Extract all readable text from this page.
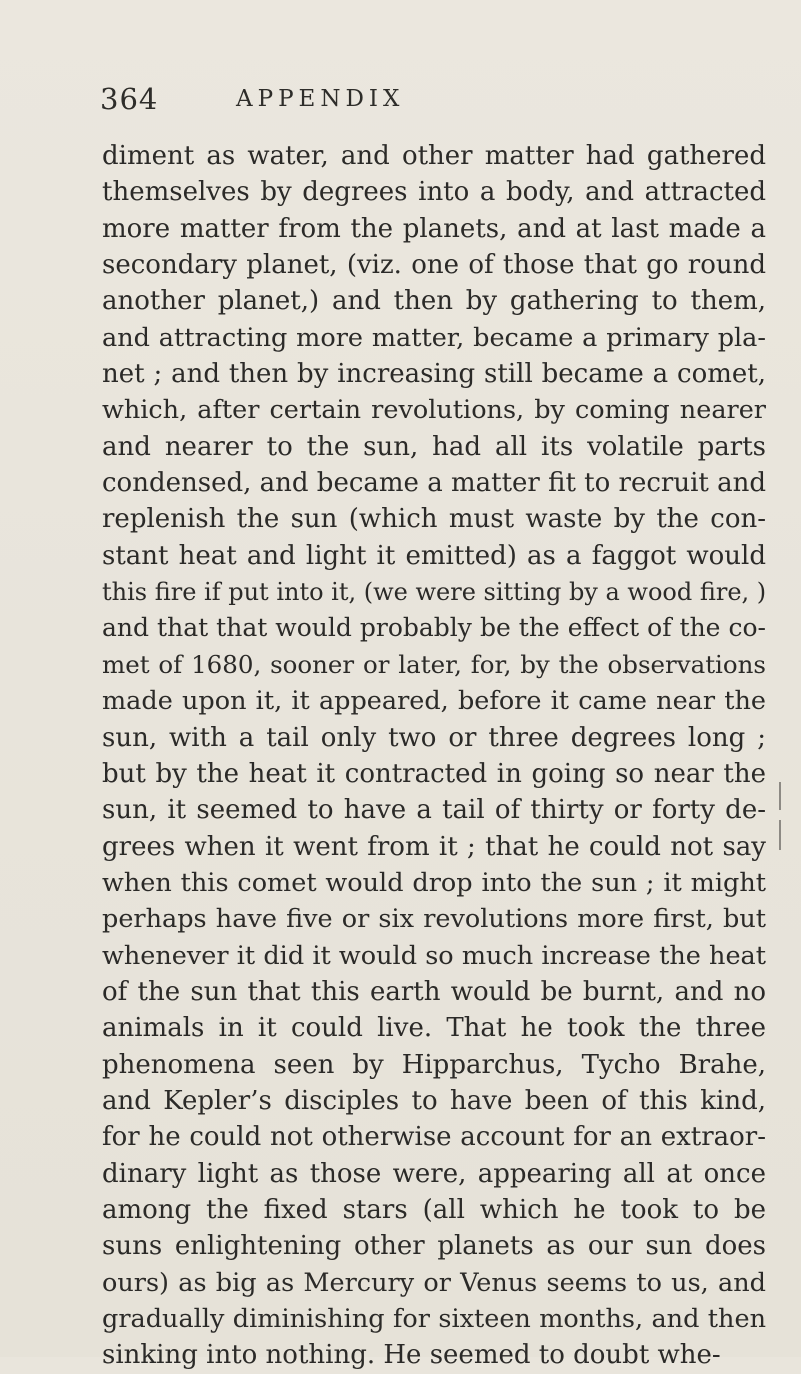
364	APPENDIX
diment as water, and other matter had gathered
themselves by degrees into a body, and attracted
more matter from the planets, and at last made a
secondary planet, (viz. one of those that go round
another planet,) and then by gathering to them,
and attracting more matter, became a primary pla-
net ; and then by increasing still became a comet,
which, after certain revolutions, by coming nearer
and nearer to the sun, had all its volatile parts
condensed, and became a matter fit to recruit and
replenish the sun (which must waste by the con-
stant heat and light it emitted) as a faggot would
this fire if put into it, (we were sitting by a wood fire, )
and that that would probably be the effect of the co-
met of 1680, sooner or later, for, by the observations
made upon it, it appeared, before it came near the
sun, with a tail only two or three degrees long ;
but by the heat it contracted in going so near the
sun, it seemed to have a tail of thirty or forty de-
grees when it went from it ; that he could not say
when this comet would drop into the sun ; it might
perhaps have five or six revolutions more first, but
whenever it did it would so much increase the heat
of the sun that this earth would be burnt, and no
animals in it could live. That he took the three
phenomena seen by Hipparchus, Tycho Brahe,
and Kepler’s disciples to have been of this kind,
for he could not otherwise account for an extraor-
dinary light as those were, appearing all at once
among the fixed stars (all which he took to be
suns enlightening other planets as our sun does
ours) as big as Mercury or Venus seems to us, and
gradually diminishing for sixteen months, and then
sinking into nothing. He seemed to doubt whe-
